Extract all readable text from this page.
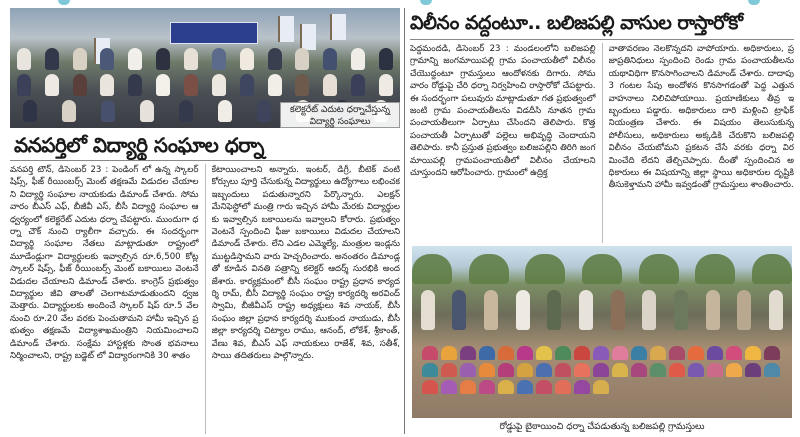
కలెక్టరేట్ ఎదుట ధర్నాచేస్తున్న విద్యార్థి సంఘాలు
వనపర్తిలో విద్యార్థి సంఘాల ధర్నా
వనపర్తి టౌన్, డిసెంబర్ 23 : పెండింగ్ లో ఉన్న స్కాలర్ షిప్స్, ఫీజ్ రీయింబర్స్ మెంట్ తక్షణమే విడుదల చేయాలని విద్యార్థి సంఘాల నాయకుడు డిమాండ్ చేశారు. సోమవారం బీఎస్ ఎఫ్, బీజీవీ ఎస్, బీసీ విద్యార్థి సంఘాల ఆధ్వర్యంలో కలెక్టరేట్ ఎదుట ధర్నా చేపట్టారు. ముందుగా ధర్నా చౌక్ నుంచి ర్యాలీగా వచ్చారు. ఈ సందర్భంగా విద్యార్థి సంఘాల నేతలు మాట్లాడుతూ రాష్ట్రంలో మూడేండ్లుగా విద్యార్థులకు ఇవ్వాల్సిన రూ.6,500 కోట్ల స్కాలర్ షిప్స్, ఫీజ్ రీయింబర్స్ మెంట్ బకాయిలు వెంటనే విడుదల చేయాలని డిమాండ్ చేశారు. కాంగ్రెస్ ప్రభుత్వం విద్యార్థుల జీవి తాలతో చెలగాటమాడుతుందని ధ్వజమెత్తారు. విద్యార్థులకు అందించే స్కాలర్ షిప్ రూ.5 వేల నుంచి రూ.20 వేల వరకు పెంచుతామని హామీ ఇచ్చిన ప్రభుత్వం తక్షణమే విద్యాశాఖమంత్రిని నియమించాలని డిమాండ్ చేశారు. సంక్షేమ హాస్టళ్లకు సొంత భవనాలు నిర్మించాలని, రాష్ట్ర బడ్జెట్ లో విద్యారంగానికి 30 శాతం
కేటాయించాలని అన్నారు. ఇంటర్, డిగ్రీ, బీటెక్ వంటి కోర్సులు పూర్తి చేసుకున్న విద్యార్థులు ఉద్యోగాలు లభించక ఇబ్బందులు పడుతున్నారని పేర్కొన్నారు. ఎలక్షన్ మేనిఫెస్టోలో మంత్రి గారు ఇచ్చిన హామీ మేరకు విద్యార్థులకు ఇవ్వాల్సిన బకాయిలను ఇవ్వాలని కోరారు. ప్రభుత్వం వెంటనే స్పందించి ఫీజు బకాయిలు విడుదల చేయాలని డిమాండ్ చేశారు. లేని ఎడల ఎమ్మెల్యే, మంత్రుల ఇండ్లను ముట్టడిస్తామని వారు హెచ్చరించారు. అనంతరం డిమాండ్లతో కూడిన వినతి పత్రాన్ని కలెక్టర్ ఆదర్శ్ సురభికి అందజేశారు. కార్యక్రమంలో బీసీ సంఘం రాష్ట్ర ప్రధాన కార్యదర్శి రామ్, బీసీ విద్యార్థి సంఘం రాష్ట్ర కార్యదర్శి అరవింద్ స్వామి, బీజీవీఎస్ రాష్ట్ర అధ్యక్షులు శివ నాయక్, బీసీ సంఘం జిల్లా ప్రధాన కార్యదర్శి ముకుంద నాయుడు, బీసీ జిల్లా కార్యదర్శి చిట్యాల రాము, ఆనంద్, లోకేశ్, శ్రీకాంత్, వేణు శివ, బీఎస్ ఎఫ్ నాయకులు రాజేశ్, శివ, సతీశ్, సాయి తదితరులు పాల్గొన్నారు.
విలీనం వద్దంటూ.. బలిజపల్లి వాసుల రాస్తారోకో
పెద్దమందడి, డిసెంబర్ 23 : మండలంలోని బలిజపల్లి గ్రామాన్ని జంగమాయిపల్లి గ్రామ పంచాయతీలో విలీనం చేయొద్దంటూ గ్రామస్తులు ఆందోళనకు దిగారు. సోమవారం రోడ్డుపై చేరి ధర్నా నిర్వహించి రాస్తారోకో చేపట్టారు. ఈ సందర్భంగా పలువురు మాట్లాడుతూ గత ప్రభుత్వంలో జంటి గ్రామ పంచాయతీలను విడదీసి నూతన గ్రామపంచాయతీలుగా ఏర్పాటు చేసిందని తెలిపారు. కొత్త పంచాయతీ ఏర్పాటుతో పల్లెలు అభివృద్ధి చెందాయని తెలిపారు. కానీ ప్రస్తుత ప్రభుత్వం బలిజపల్లిని తిరిగి జంగమాయిపల్లి గ్రామపంచాయతీలో విలీనం చేయాలని చూస్తుందని ఆరోపించారు. గ్రామంలో ఉద్రిక్త
వాతావరణం నెలకొన్నదని వాపోయారు. అధికారులు, ప్రజాప్రతినిధులు స్పందించి రెండు గ్రామ పంచాయతీలను యథావిధిగా కొనసాగించాలని డిమాండ్ చేశారు. దాదాపు 3 గంటల సేపు అందోళన కొనసాగడంతో పెద్ద ఎత్తున వాహనాలు నిలిచిపోయాయి. ప్రయాణికులు తీవ్ర ఇబ్బందులు పడ్డారు. అధికారులు దారి మళ్లించి ట్రాఫిక్ నియంత్రణ చేశారు. ఈ విషయం తెలుసుకున్న పోలీసులు, అధికారులు అక్కడికి చేరుకొని బలిజపల్లి విలీనం చేయబోమని ప్రకటన చేసే వరకు ధర్నా విరమించేది లేదని తేల్చిచెప్పారు. దీంతో స్పందించిన అధికారులు ఈ విషయాన్ని జిల్లా స్థాయి అధికారుల దృష్టికి తీసుకెళ్తామని హామీ ఇవ్వడంతో గ్రామస్తులు శాంతించారు.
రోడ్డుపై బైఠాయించి ధర్నా చేపడుతున్న బలిజపల్లి గ్రామస్తులు
